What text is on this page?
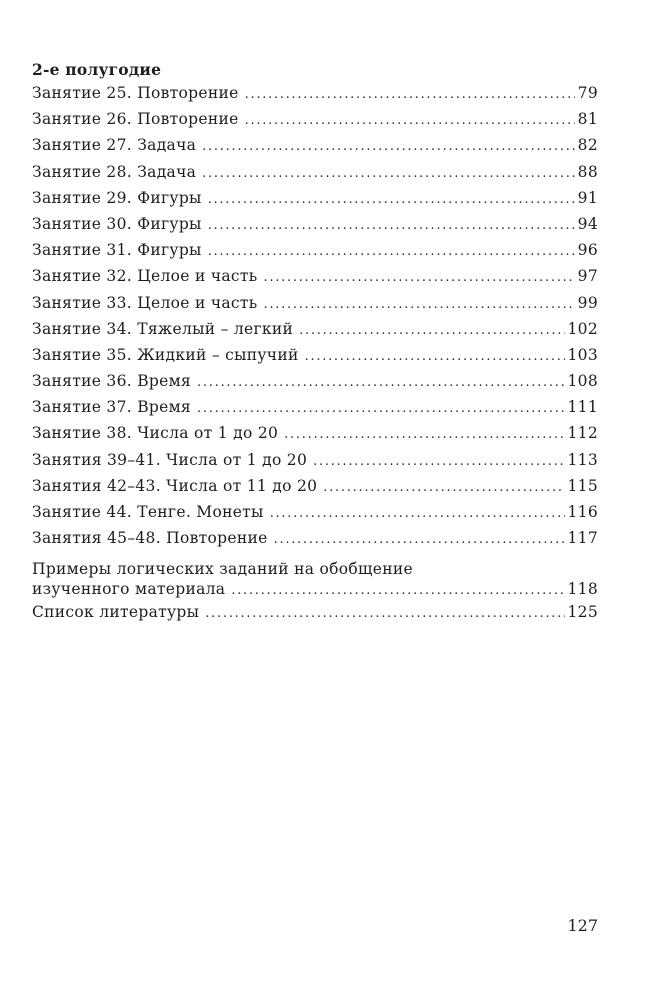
2-е полугодие
Занятие 25. Повторение . . .	79
Занятие 26. Повторение . . .	81
Занятие 27. Задача . . .	82
Занятие 28. Задача . . .	88
Занятие 29. Фигуры . . .	91
Занятие 30. Фигуры . . .	94
Занятие 31. Фигуры . . .	96
Занятие 32. Целое и часть . . .	97
Занятие 33. Целое и часть . . .	99
Занятие 34. Тяжелый – легкий . . .	102
Занятие 35. Жидкий – сыпучий . . .	103
Занятие 36. Время . . .	108
Занятие 37. Время . . .	111
Занятие 38. Числа от 1 до 20 . . .	112
Занятия 39–41. Числа от 1 до 20 . . .	113
Занятия 42–43. Числа от 11 до 20 . . .	115
Занятие 44. Тенге. Монеты . . .	116
Занятия 45–48. Повторение . . .	117
Примеры логических заданий на обобщение
изученного материала . . .	118
Список литературы . . .	125
127
